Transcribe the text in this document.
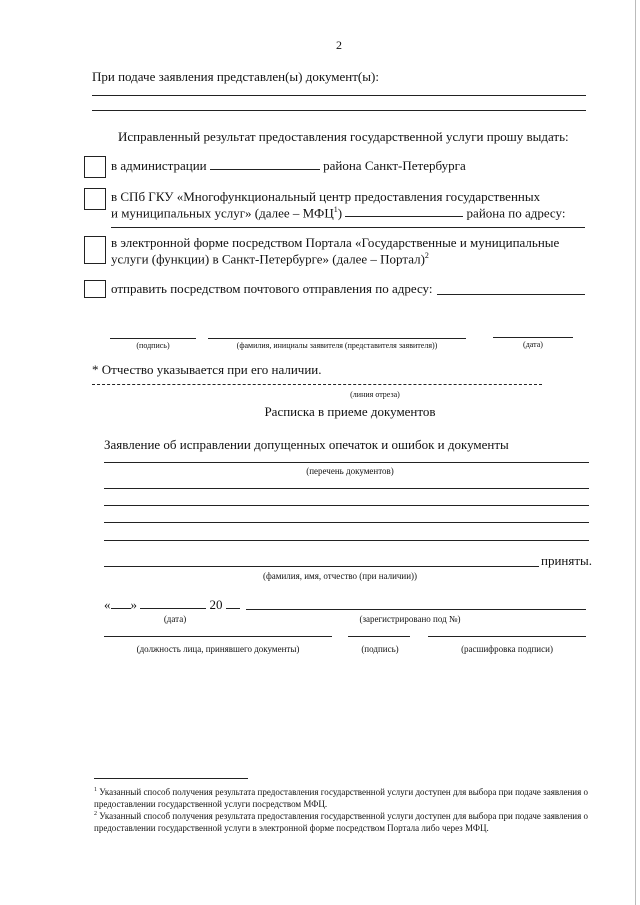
2
При подаче заявления представлен(ы) документ(ы):
Исправленный результат предоставления государственной услуги прошу выдать:
в администрации	района Санкт-Петербурга
в СПб ГКУ «Многофункциональный центр предоставления государственных
и муниципальных услуг» (далее – МФЦ$^1$)	района по адресу:
в электронной форме посредством Портала «Государственные и муниципальные
услуги (функции) в Санкт-Петербурге» (далее – Портал)$^2$
отправить посредством почтового отправления по адресу:
(подпись)	(фамилия, инициалы заявителя (представителя заявителя))	(дата)
* Отчество указывается при его наличии.
(линия отреза)
Расписка в приеме документов
Заявление об исправлении допущенных опечаток и ошибок и документы
(перечень документов)
приняты.
(фамилия, имя, отчество (при наличии))
« »	20
(дата)	(зарегистрировано под №)
(должность лица, принявшего документы)	(подпись)	(расшифровка подписи)
$^1$ Указанный способ получения результата предоставления государственной услуги доступен для выбора при подаче заявления о предоставлении государственной услуги посредством МФЦ.
$^2$ Указанный способ получения результата предоставления государственной услуги доступен для выбора при подаче заявления о предоставлении государственной услуги в электронной форме посредством Портала либо через МФЦ.
